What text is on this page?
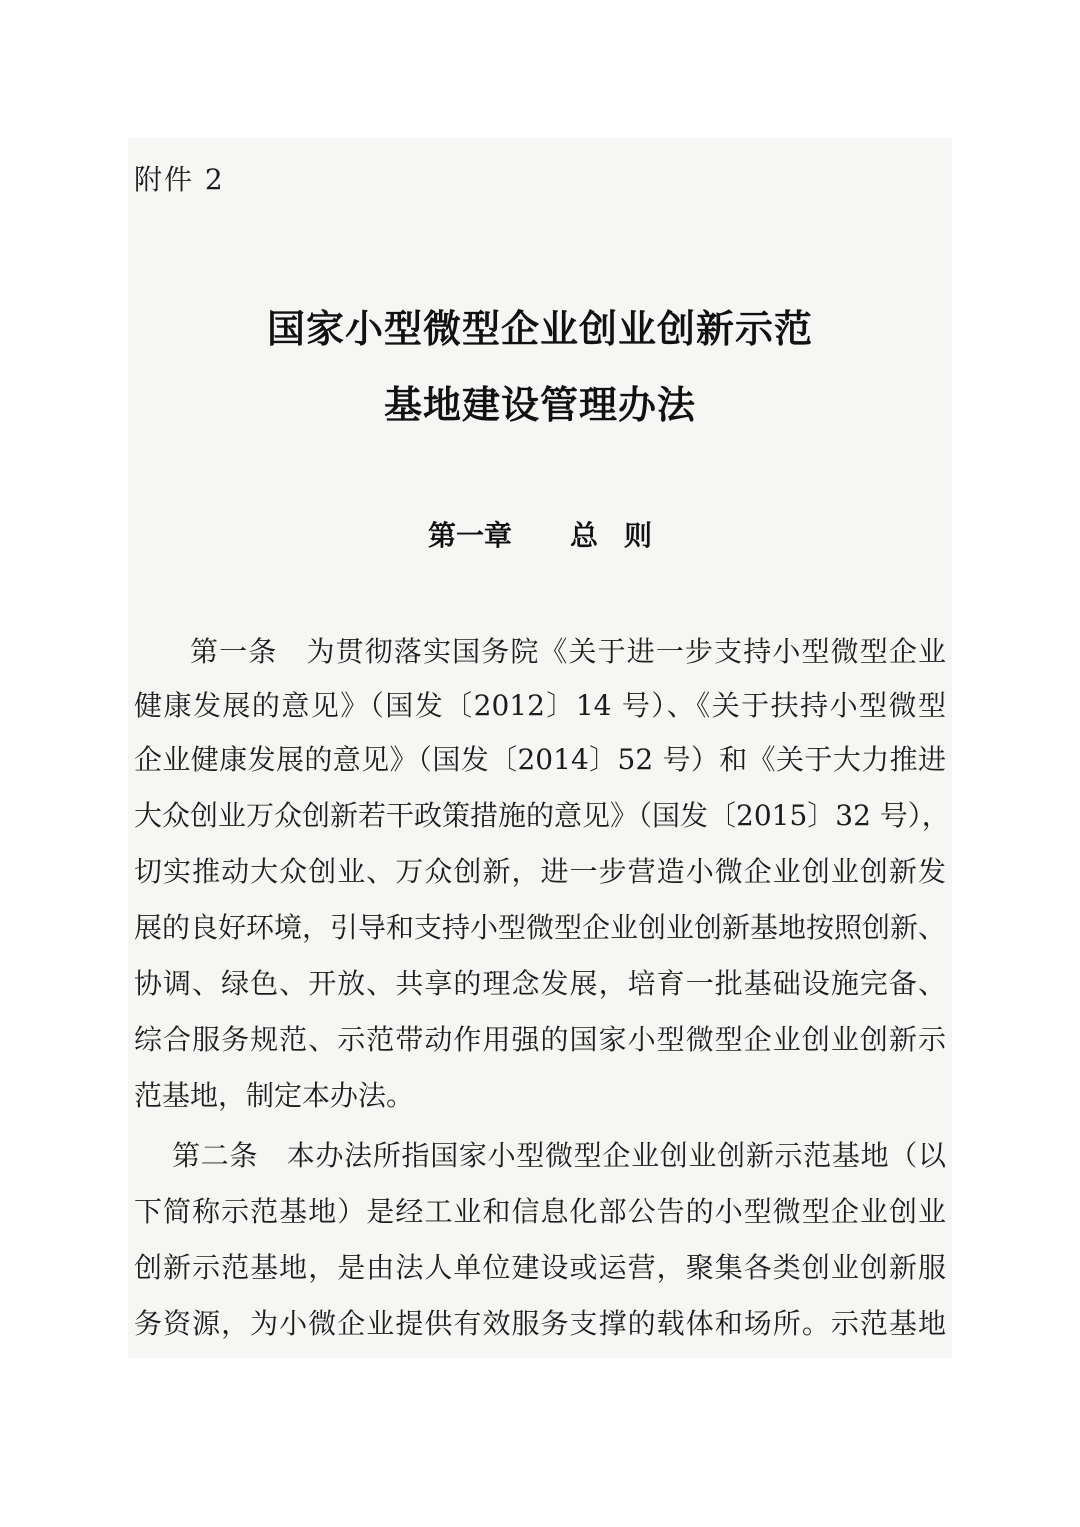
附件 2
国家小型微型企业创业创新示范
基地建设管理办法
第一章 总 则
第一条　为贯彻落实国务院《关于进一步支持小型微型企业
健康发展的意见》（国发〔2012〕14 号）、《关于扶持小型微型
企业健康发展的意见》（国发〔2014〕52 号）和《关于大力推进
大众创业万众创新若干政策措施的意见》（国发〔2015〕32 号），
切实推动大众创业、万众创新，进一步营造小微企业创业创新发
展的良好环境，引导和支持小型微型企业创业创新基地按照创新、
协调、绿色、开放、共享的理念发展，培育一批基础设施完备、
综合服务规范、示范带动作用强的国家小型微型企业创业创新示
范基地，制定本办法。
第二条　本办法所指国家小型微型企业创业创新示范基地（以
下简称示范基地）是经工业和信息化部公告的小型微型企业创业
创新示范基地，是由法人单位建设或运营，聚集各类创业创新服
务资源，为小微企业提供有效服务支撑的载体和场所。示范基地
